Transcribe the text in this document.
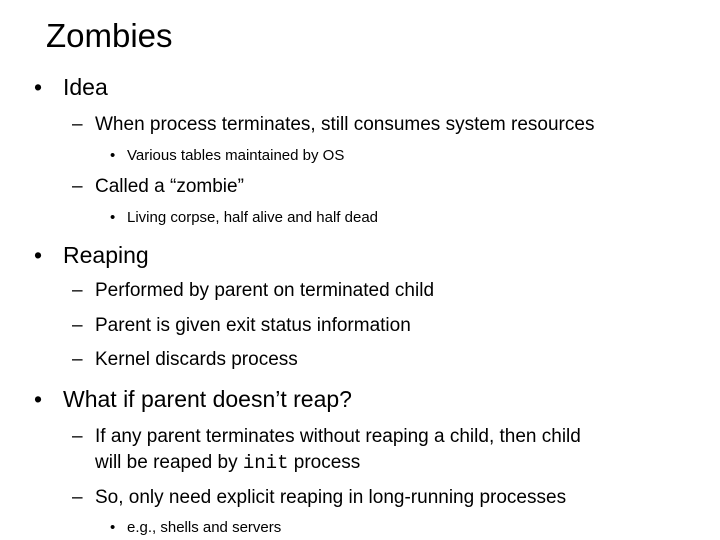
Zombies
• Idea
– When process terminates, still consumes system resources
• Various tables maintained by OS
– Called a “zombie”
• Living corpse, half alive and half dead
• Reaping
– Performed by parent on terminated child
– Parent is given exit status information
– Kernel discards process
• What if parent doesn’t reap?
– If any parent terminates without reaping a child, then child
will be reaped by init process
– So, only need explicit reaping in long-running processes
• e.g., shells and servers
